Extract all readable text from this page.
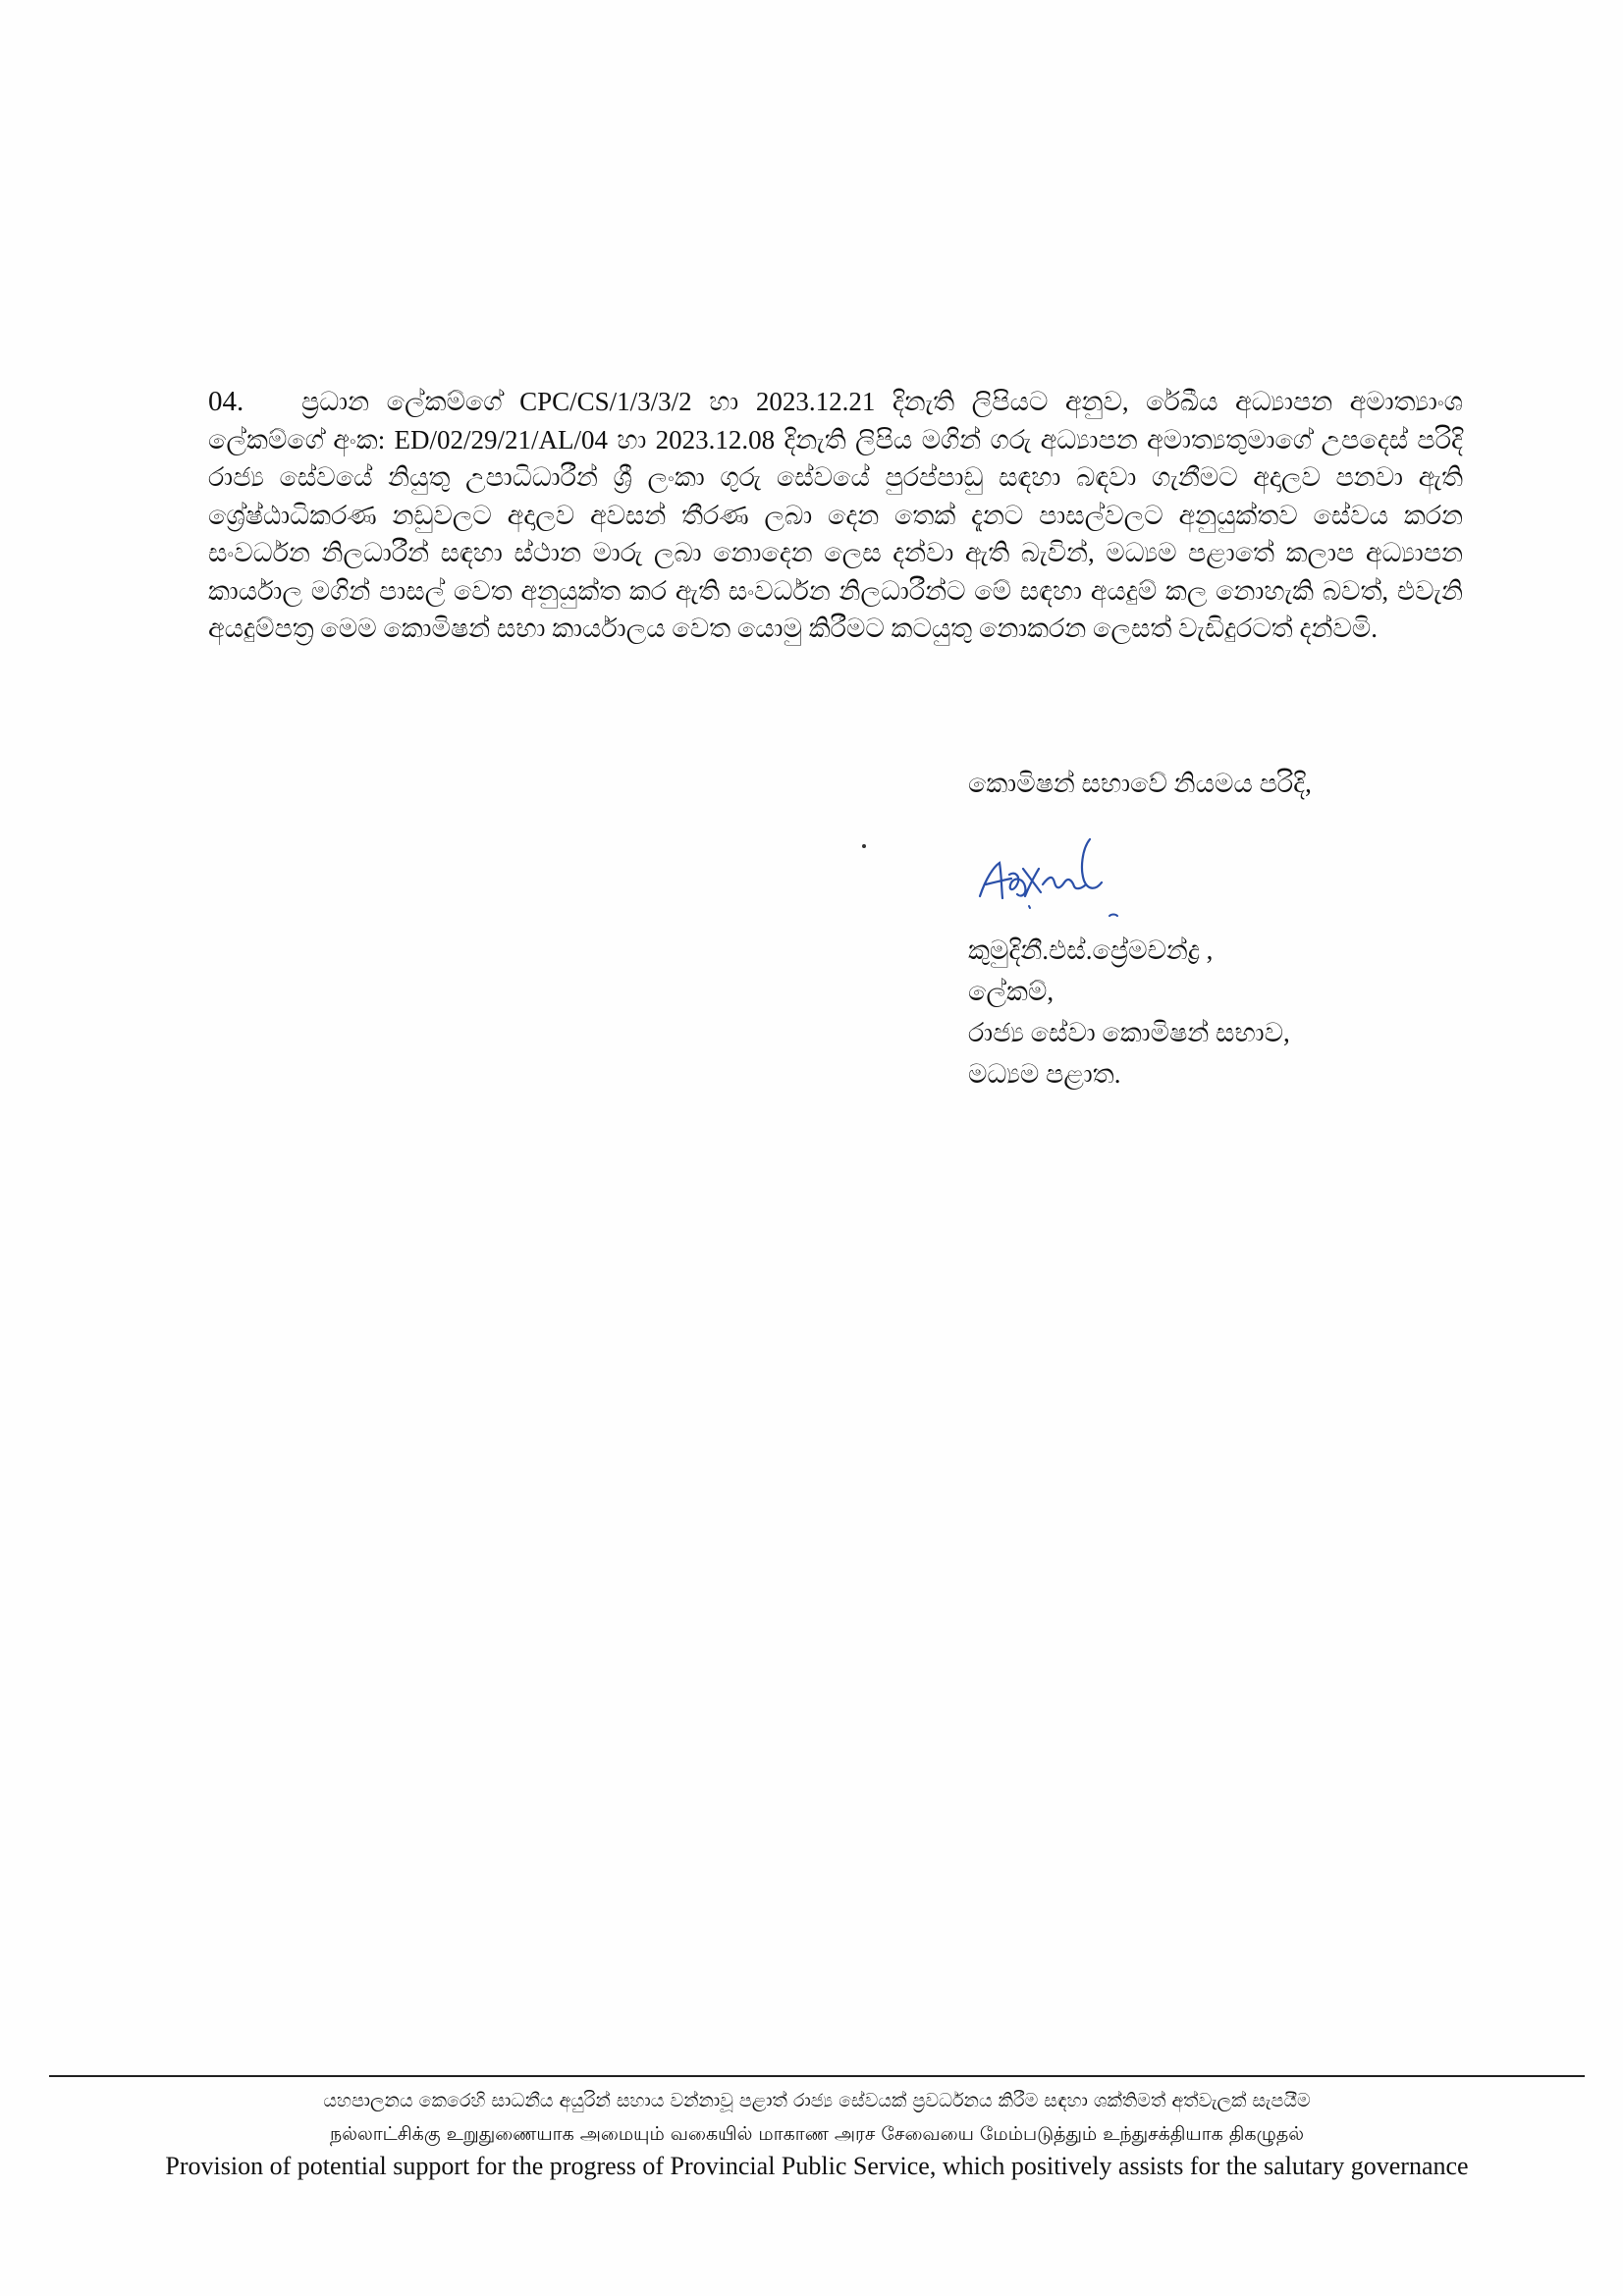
04. ප්‍රධාන ලේකම්ගේ CPC/CS/1/3/3/2 හා 2023.12.21 දිනැති ලිපියට අනුව, රේඛීය අධ්‍යාපන අමාත්‍යාංශ ලේකම්ගේ අංක: ED/02/29/21/AL/04 හා 2023.12.08 දිනැති ලිපිය මගින් ගරු අධ්‍යාපන අමාත්‍යතුමාගේ උපදෙස් පරිදි රාජ්‍ය සේවයේ නියුතු උපාධිධාරීන් ශ්‍රී ලංකා ගුරු සේවයේ පුරප්පාඩු සඳහා බඳවා ගැනීමට අදාලව පනවා ඇති ශ්‍රේෂ්ඨාධිකරණ නඩුවලට අදාලව අවසන් තීරණ ලබා දෙන තෙක් දැනට පාසල්වලට අනුයුක්තව සේවය කරන සංවර්ධන නිලධාරීන් සඳහා ස්ථාන මාරු ලබා නොදෙන ලෙස දන්වා ඇති බැවින්, මධ්‍යම පළාතේ කලාප අධ්‍යාපන කාර්යාල මගින් පාසල් වෙත අනුයුක්ත කර ඇති සංවර්ධන නිලධාරීන්ට මේ සඳහා අයදුම් කල නොහැකි බවත්, එවැනි අයදුම්පත්‍ර මෙම කොමිෂන් සභා කාර්යාලය වෙත යොමු කිරීමට කටයුතු නොකරන ලෙසත් වැඩිදුරටත් දන්වමි.
කොමිෂන් සභාවේ නියමය පරිදි,
කුමුදිනී.එස්.ප්‍රේමචන්ද්‍ර ,
ලේකම්,
රාජ්‍ය සේවා කොමිෂන් සභාව,
මධ්‍යම පළාත.
යහපාලනය කෙරෙහි සාධනීය අයුරින් සහාය වන්නාවූ පළාත් රාජ්‍ය සේවයක් ප්‍රවර්ධනය කිරීම සඳහා ශක්තිමත් අත්වැලක් සැපයීම
நல்லாட்சிக்கு உறுதுணையாக அமையும் வகையில் மாகாண அரச சேவையை மேம்படுத்தும் உந்துசக்தியாக திகழுதல்
Provision of potential support for the progress of Provincial Public Service, which positively assists for the salutary governance
